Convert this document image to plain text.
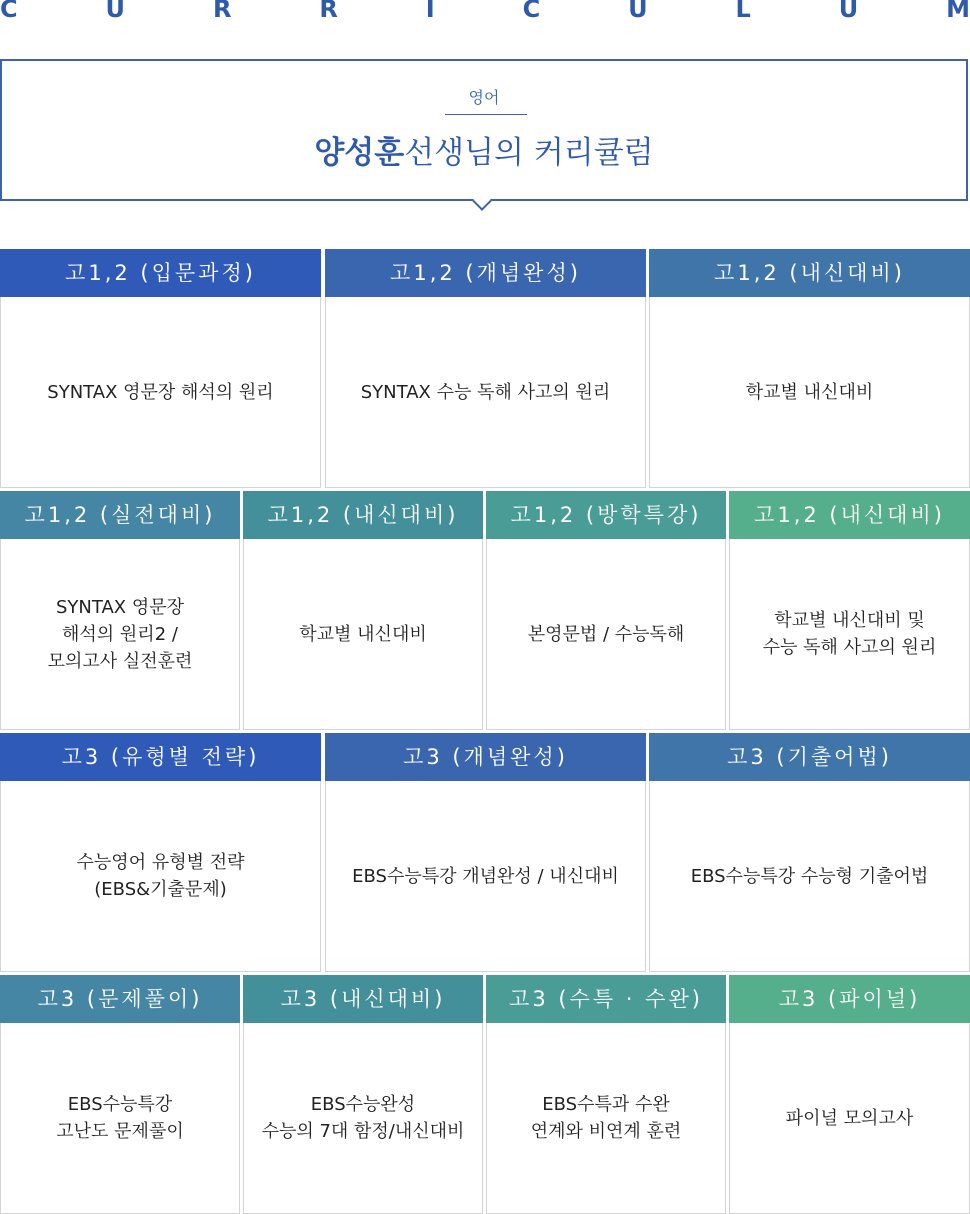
C	U	R	R	I	C	U	L	U	M
영어
양성훈선생님의 커리큘럼
고1,2 (입문과정)
SYNTAX 영문장 해석의 원리
고1,2 (개념완성)
SYNTAX 수능 독해 사고의 원리
고1,2 (내신대비)
학교별 내신대비
고1,2 (실전대비)
SYNTAX 영문장
해석의 원리2 /
모의고사 실전훈련
고1,2 (내신대비)
학교별 내신대비
고1,2 (방학특강)
본영문법 / 수능독해
고1,2 (내신대비)
학교별 내신대비 및
수능 독해 사고의 원리
고3 (유형별 전략)
수능영어 유형별 전략
(EBS&기출문제)
고3 (개념완성)
EBS수능특강 개념완성 / 내신대비
고3 (기출어법)
EBS수능특강 수능형 기출어법
고3 (문제풀이)
EBS수능특강
고난도 문제풀이
고3 (내신대비)
EBS수능완성
수능의 7대 함정/내신대비
고3 (수특 · 수완)
EBS수특과 수완
연계와 비연계 훈련
고3 (파이널)
파이널 모의고사
